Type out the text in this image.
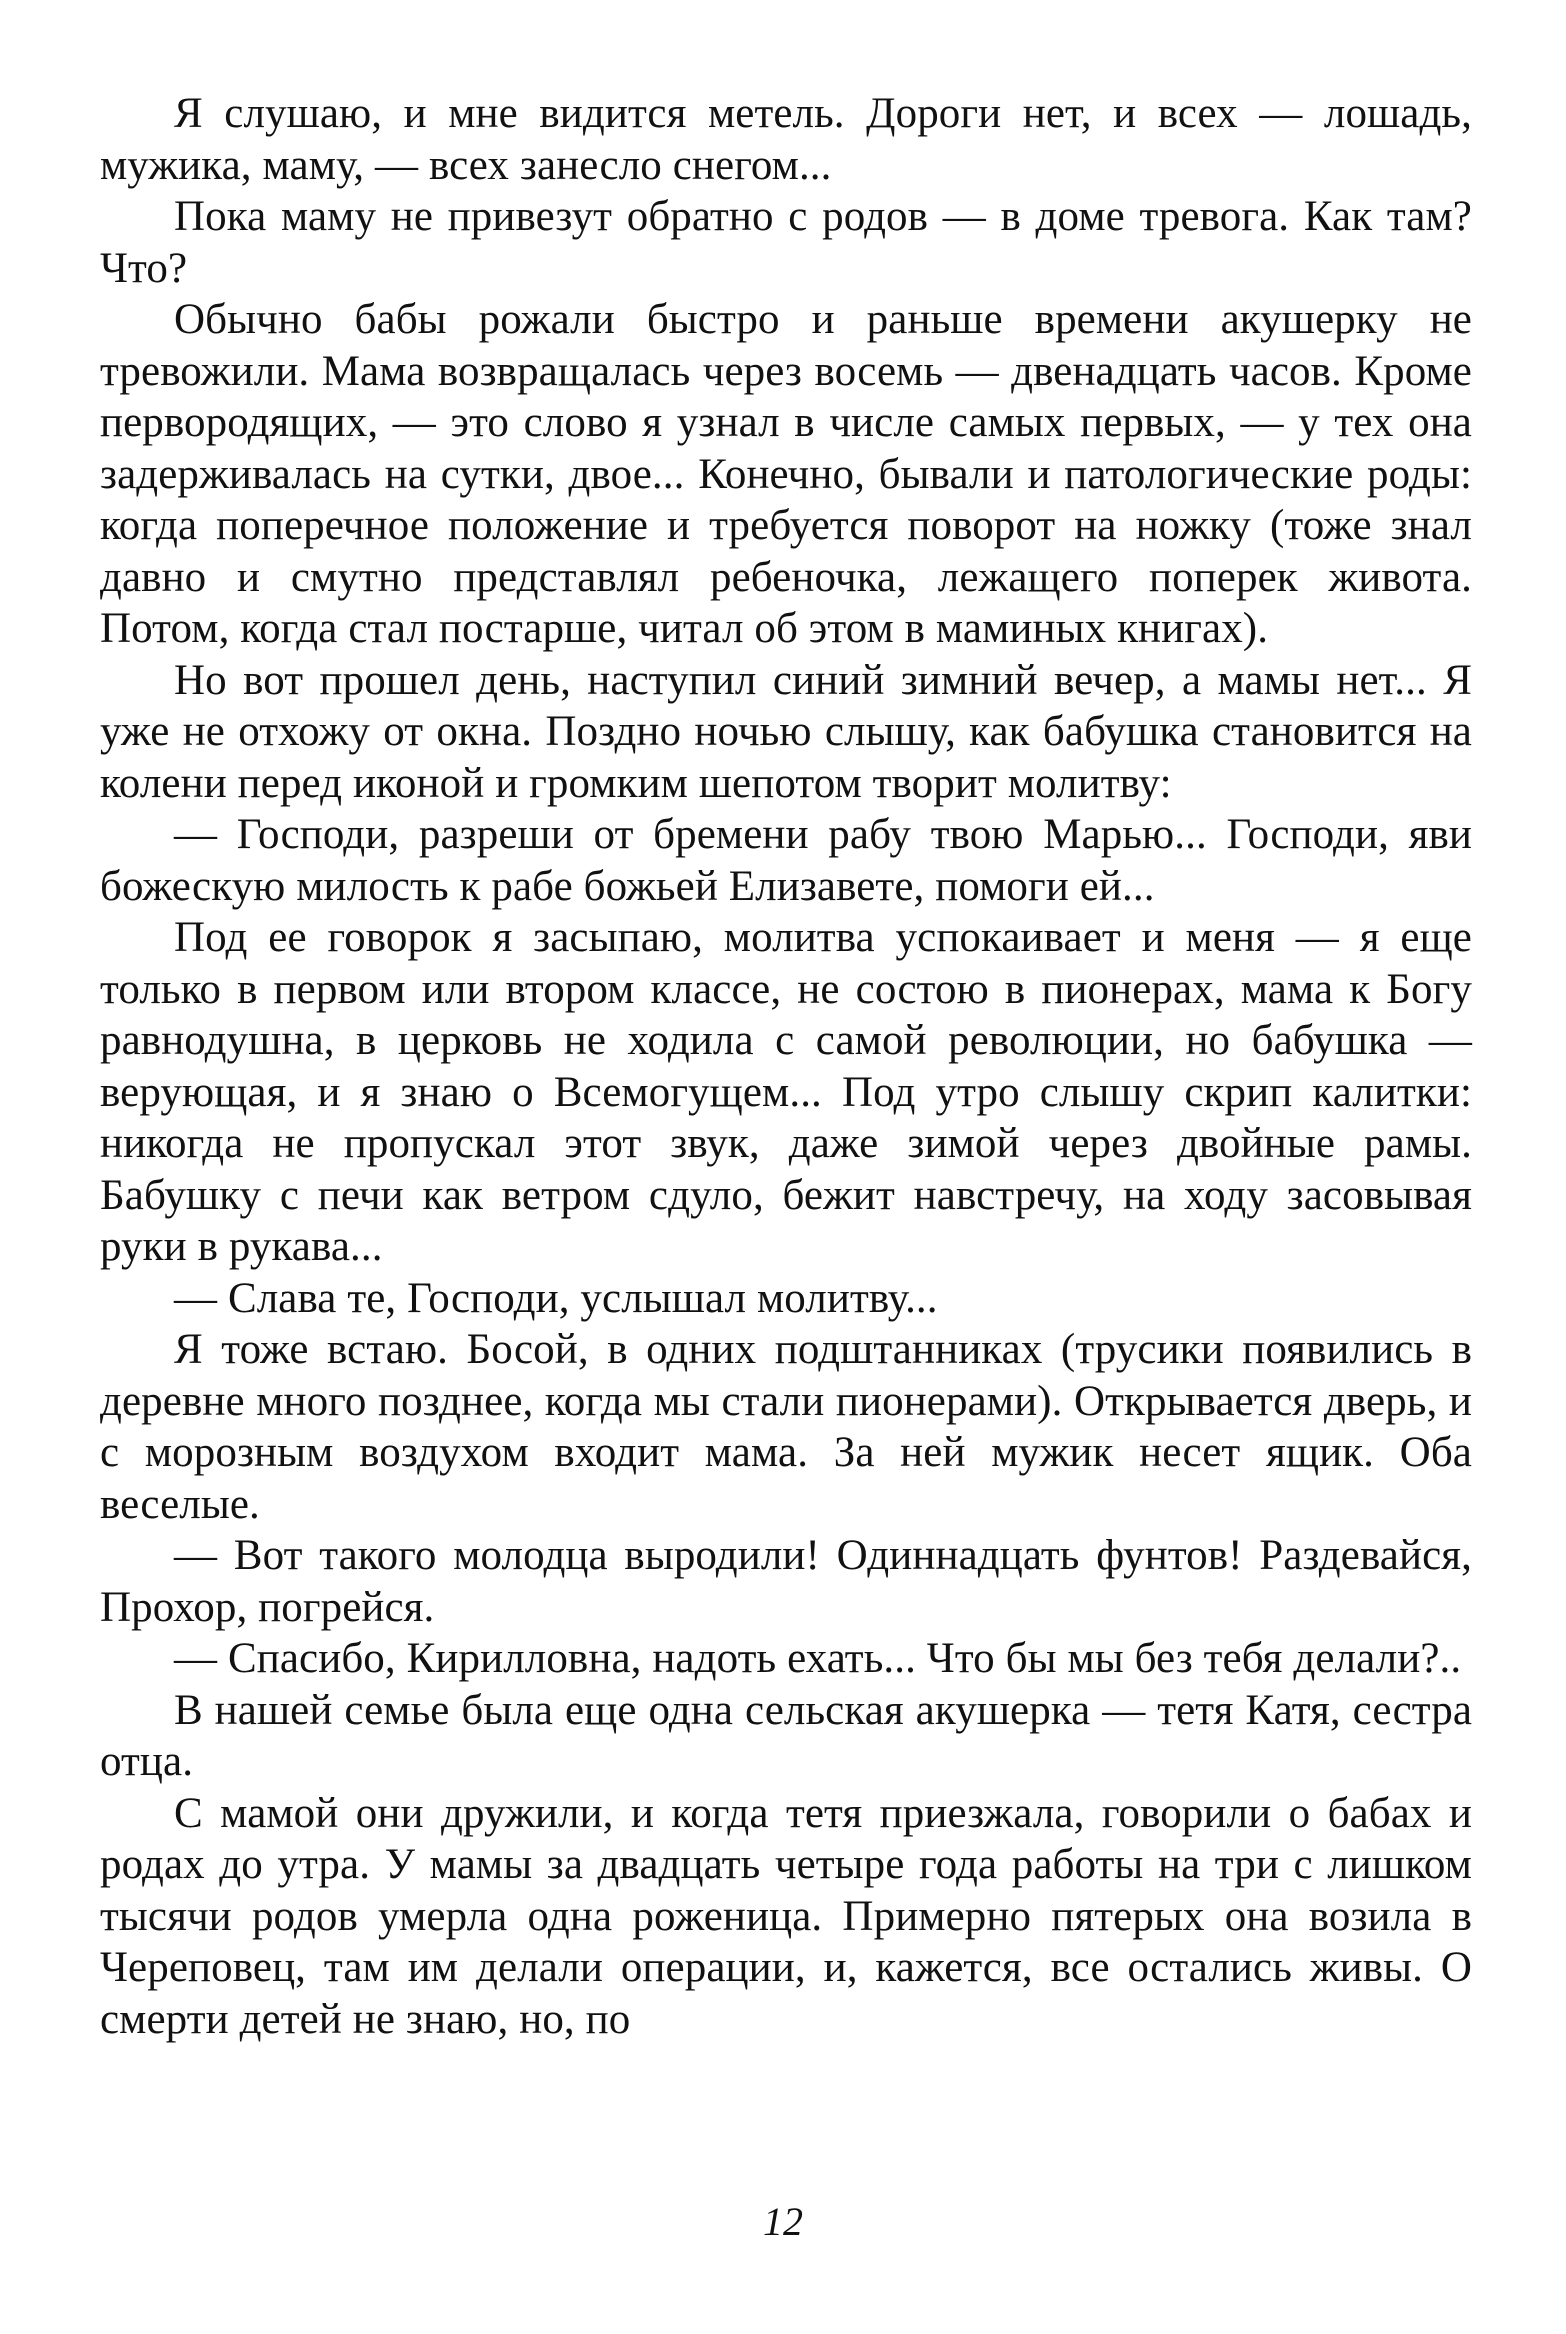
Я слушаю, и мне видится метель. Дороги нет, и всех — лошадь, мужика, маму, — всех занесло снегом...

Пока маму не привезут обратно с родов — в доме тревога. Как там? Что?

Обычно бабы рожали быстро и раньше времени акушерку не тревожили. Мама возвращалась через восемь — двенадцать часов. Кроме первородящих, — это слово я узнал в числе самых первых, — у тех она задерживалась на сутки, двое... Конечно, бывали и патологические роды: когда поперечное положение и требуется поворот на ножку (тоже знал давно и смутно представлял ребеночка, лежащего поперек живота. Потом, когда стал постарше, читал об этом в маминых книгах).

Но вот прошел день, наступил синий зимний вечер, а мамы нет... Я уже не отхожу от окна. Поздно ночью слышу, как бабушка становится на колени перед иконой и громким шепотом творит молитву:

— Господи, разреши от бремени рабу твою Марью... Господи, яви божескую милость к рабе божьей Елизавете, помоги ей...

Под ее говорок я засыпаю, молитва успокаивает и меня — я еще только в первом или втором классе, не состою в пионерах, мама к Богу равнодушна, в церковь не ходила с самой революции, но бабушка — верующая, и я знаю о Всемогущем... Под утро слышу скрип калитки: никогда не пропускал этот звук, даже зимой через двойные рамы. Бабушку с печи как ветром сдуло, бежит навстречу, на ходу засовывая руки в рукава...

— Слава те, Господи, услышал молитву...

Я тоже встаю. Босой, в одних подштанниках (трусики появились в деревне много позднее, когда мы стали пионерами). Открывается дверь, и с морозным воздухом входит мама. За ней мужик несет ящик. Оба веселые.

— Вот такого молодца выродили! Одиннадцать фунтов! Раздевайся, Прохор, погрейся.

— Спасибо, Кирилловна, надоть ехать... Что бы мы без тебя делали?..

В нашей семье была еще одна сельская акушерка — тетя Катя, сестра отца.

С мамой они дружили, и когда тетя приезжала, говорили о бабах и родах до утра. У мамы за двадцать четыре года работы на три с лишком тысячи родов умерла одна роженица. Примерно пятерых она возила в Череповец, там им делали операции, и, кажется, все остались живы. О смерти детей не знаю, но, по

12
